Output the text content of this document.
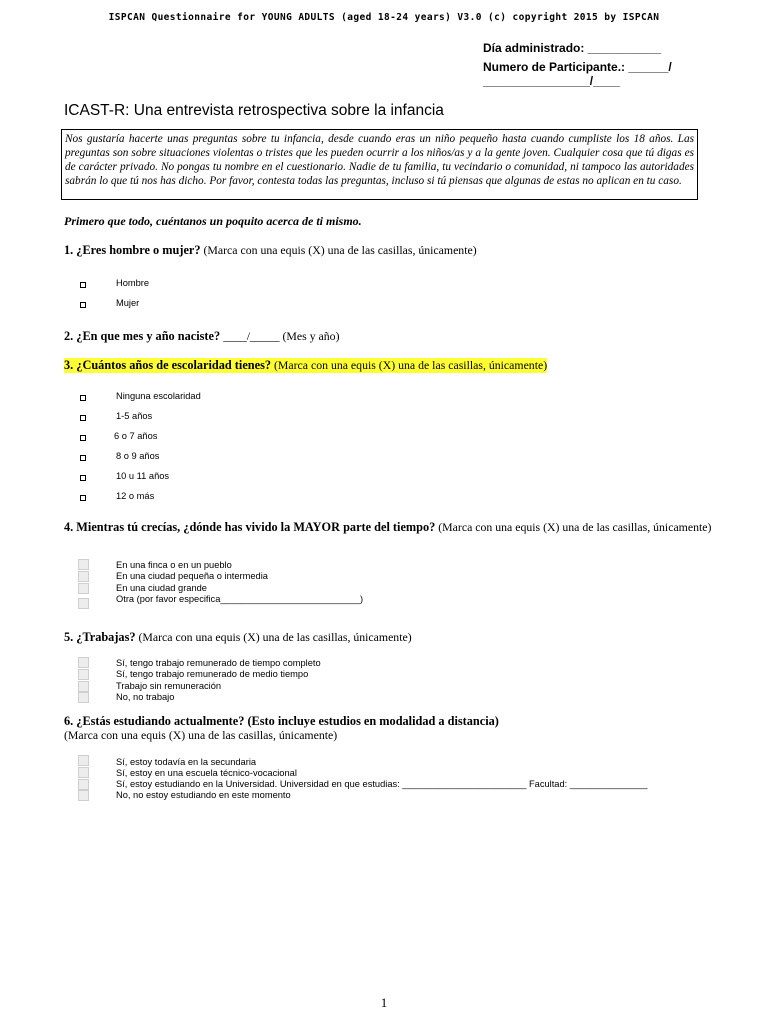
ISPCAN Questionnaire for YOUNG ADULTS (aged 18-24 years) V3.0 (c) copyright 2015 by ISPCAN
Día administrado: ___________
Numero de Participante.: ______/
________________/____
ICAST-R: Una entrevista retrospectiva sobre la infancia
Nos gustaría hacerte unas preguntas sobre tu infancia, desde cuando eras un niño pequeño hasta cuando cumpliste los 18 años. Las preguntas son sobre situaciones violentas o tristes que les pueden ocurrir a los niños/as y a la gente joven. Cualquier cosa que tú digas es de carácter privado. No pongas tu nombre en el cuestionario. Nadie de tu familia, tu vecindario o comunidad, ni tampoco las autoridades sabrán lo que tú nos has dicho. Por favor, contesta todas las preguntas, incluso si tú piensas que algunas de estas no aplican en tu caso.
Primero que todo, cuéntanos un poquito acerca de ti mismo.
1. ¿Eres hombre o mujer? (Marca con una equis (X) una de las casillas, únicamente)
Hombre
Mujer
2. ¿En que mes y año naciste? ____/_____ (Mes y año)
3. ¿Cuántos años de escolaridad tienes? (Marca con una equis (X) una de las casillas, únicamente)
Ninguna escolaridad
1-5 años
6 o 7 años
8 o 9 años
10 u 11 años
12 o más
4. Mientras tú crecías, ¿dónde has vivido la MAYOR parte del tiempo? (Marca con una equis (X) una de las casillas, únicamente)
En una finca o en un pueblo
En una ciudad pequeña o intermedia
En una ciudad grande
Otra (por favor especifica___________________________)
5. ¿Trabajas? (Marca con una equis (X) una de las casillas, únicamente)
Sí, tengo trabajo remunerado de tiempo completo
Sí, tengo trabajo remunerado de medio tiempo
Trabajo sin remuneración
No, no trabajo
6. ¿Estás estudiando actualmente? (Esto incluye estudios en modalidad a distancia)
(Marca con una equis (X) una de las casillas, únicamente)
Sí, estoy todavía en la secundaria
Sí, estoy en una escuela técnico-vocacional
Sí, estoy estudiando en la Universidad. Universidad en que estudias: ________________________ Facultad: _______________
No, no estoy estudiando en este momento
1
